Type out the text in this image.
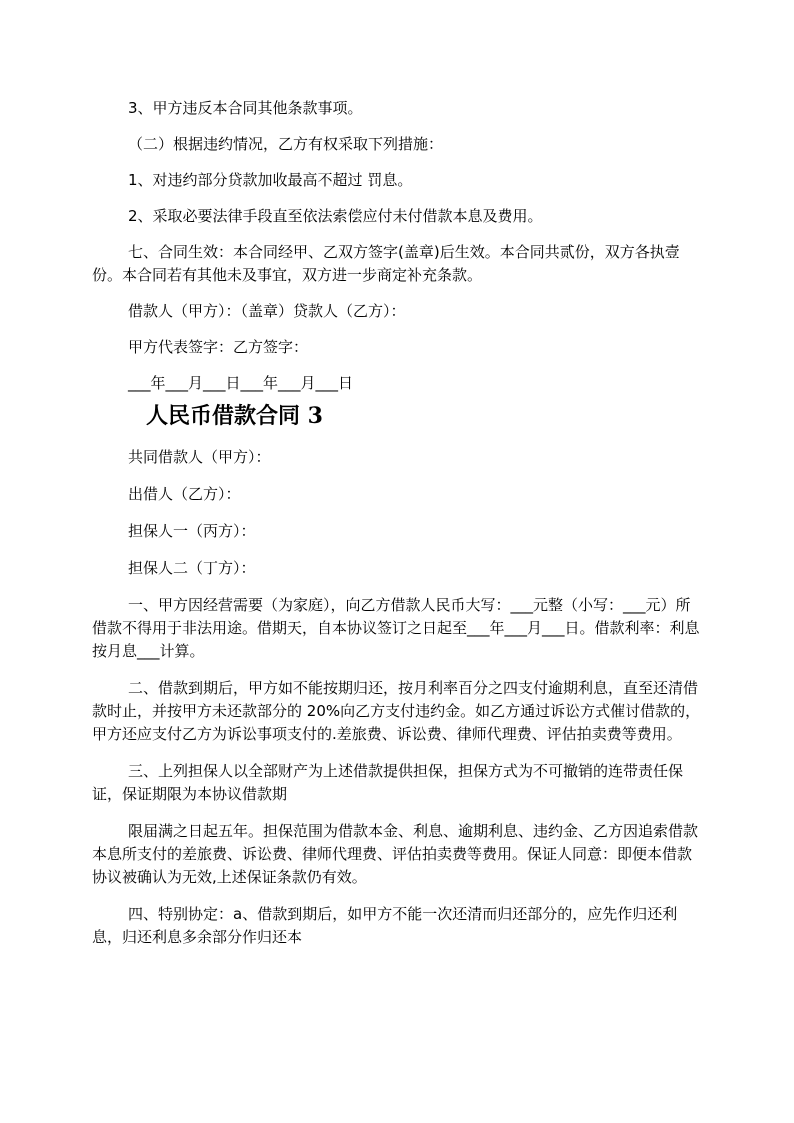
3、甲方违反本合同其他条款事项。

（二）根据违约情况，乙方有权采取下列措施：

1、对违约部分贷款加收最高不超过 罚息。

2、采取必要法律手段直至依法索偿应付未付借款本息及费用。

七、合同生效：本合同经甲、乙双方签字(盖章)后生效。本合同共贰份，双方各执壹份。本合同若有其他未及事宜，双方进一步商定补充条款。

借款人（甲方）：（盖章）贷款人（乙方）：

甲方代表签字：乙方签字：

___年___月___日___年___月___日

人民币借款合同 3

共同借款人（甲方）：

出借人（乙方）：

担保人一（丙方）：

担保人二（丁方）：

一、甲方因经营需要（为家庭），向乙方借款人民币大写：___元整（小写：___元）所借款不得用于非法用途。借期天，自本协议签订之日起至___年___月___日。借款利率：利息按月息___计算。

二、借款到期后，甲方如不能按期归还，按月利率百分之四支付逾期利息，直至还清借款时止，并按甲方未还款部分的 20%向乙方支付违约金。如乙方通过诉讼方式催讨借款的，甲方还应支付乙方为诉讼事项支付的.差旅费、诉讼费、律师代理费、评估拍卖费等费用。

三、上列担保人以全部财产为上述借款提供担保，担保方式为不可撤销的连带责任保证，保证期限为本协议借款期

限届满之日起五年。担保范围为借款本金、利息、逾期利息、违约金、乙方因追索借款本息所支付的差旅费、诉讼费、律师代理费、评估拍卖费等费用。保证人同意：即便本借款协议被确认为无效,上述保证条款仍有效。

四、特别协定：a、借款到期后，如甲方不能一次还清而归还部分的，应先作归还利息，归还利息多余部分作归还本
